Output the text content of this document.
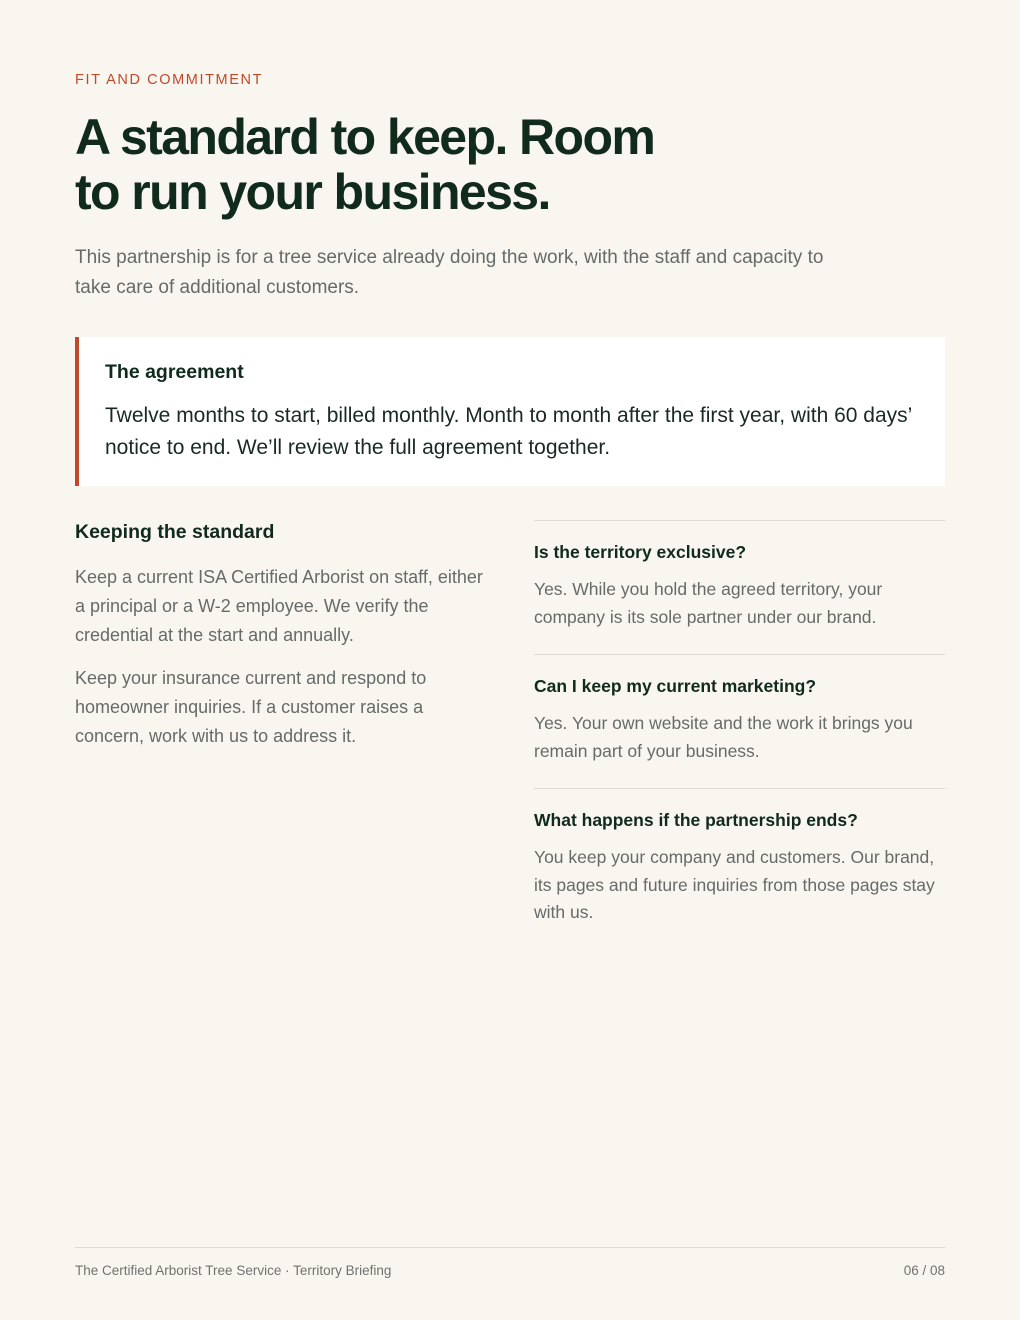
FIT AND COMMITMENT
A standard to keep. Room
to run your business.

This partnership is for a tree service already doing the work, with the staff and capacity to take care of additional customers.

The agreement
Twelve months to start, billed monthly. Month to month after the first year, with 60 days’ notice to end. We’ll review the full agreement together.
Keeping the standard

Keep a current ISA Certified Arborist on staff, either a principal or a W-2 employee. We verify the credential at the start and annually.

Keep your insurance current and respond to homeowner inquiries. If a customer raises a concern, work with us to address it.

Is the territory exclusive?
Yes. While you hold the agreed territory, your company is its sole partner under our brand.
Can I keep my current marketing?
Yes. Your own website and the work it brings you remain part of your business.
What happens if the partnership ends?
You keep your company and customers. Our brand, its pages and future inquiries from those pages stay with us.
The Certified Arborist Tree Service · Territory Briefing	06 / 08
